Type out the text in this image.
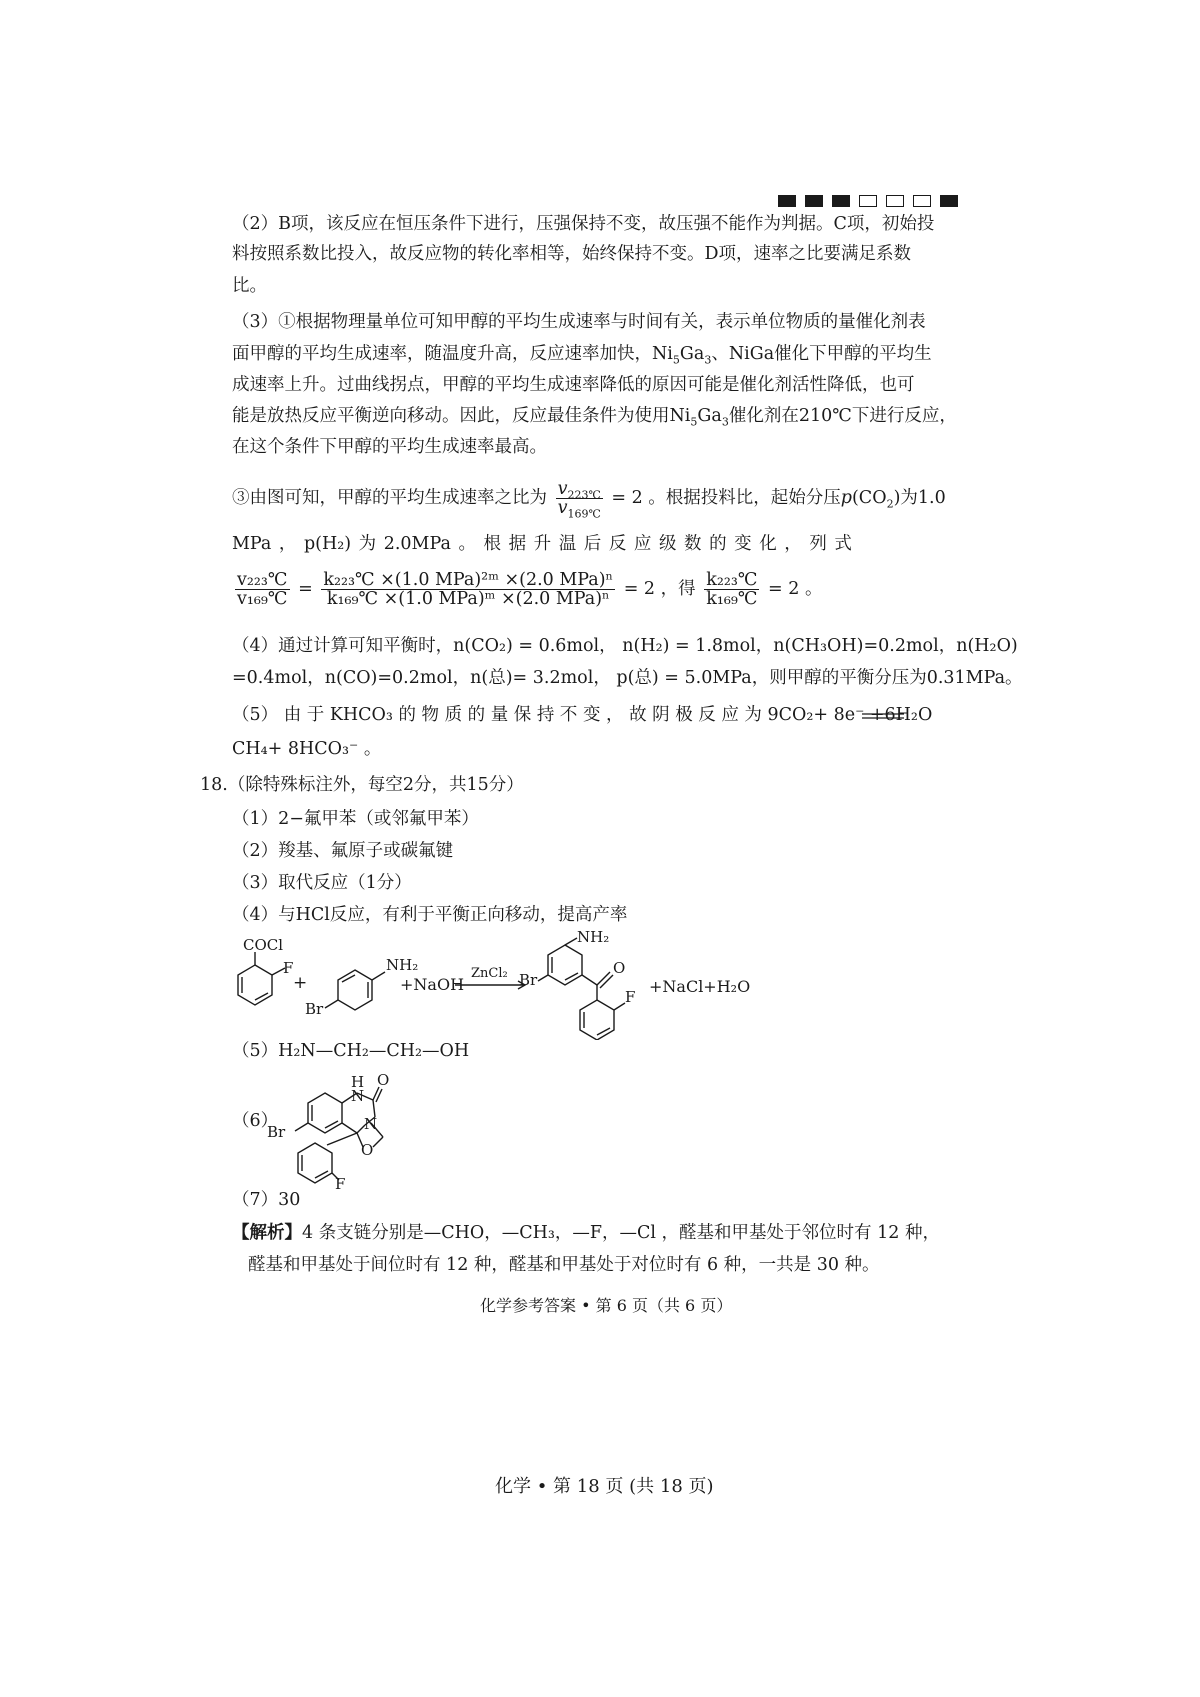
（2）B项，该反应在恒压条件下进行，压强保持不变，故压强不能作为判据。C项，初始投
料按照系数比投入，故反应物的转化率相等，始终保持不变。D项，速率之比要满足系数
比。
（3）①根据物理量单位可知甲醇的平均生成速率与时间有关，表示单位物质的量催化剂表
面甲醇的平均生成速率，随温度升高，反应速率加快，$Ni_5Ga_3$、NiGa催化下甲醇的平均生
成速率上升。过曲线拐点，甲醇的平均生成速率降低的原因可能是催化剂活性降低，也可
能是放热反应平衡逆向移动。因此，反应最佳条件为使用$Ni_5Ga_3$催化剂在210℃下进行反应，
在这个条件下甲醇的平均生成速率最高。
③由图可知，甲醇的平均生成速率之比为 $\frac{v_{223℃}}{v_{169℃}} = 2$ 。根据投料比，起始分压$p(CO_2)$为1.0
MPa ， p(H₂) 为 2.0MPa 。 根 据 升 温 后 反 应 级 数 的 变 化 ， 列 式
$\frac{\text{v₂₂₃℃}}{\text{v₁₆₉℃}} = \frac{\text{k₂₂₃℃ ×(1.0 MPa)²ᵐ ×(2.0 MPa)ⁿ}}{\text{k₁₆₉℃ ×(1.0 MPa)ᵐ ×(2.0 MPa)ⁿ}} = 2$ ，得 $\frac{\text{k₂₂₃℃}}{\text{k₁₆₉℃}} = 2$ 。
（4）通过计算可知平衡时，n(CO₂) = 0.6mol， n(H₂) = 1.8mol，n(CH₃OH)=0.2mol，n(H₂O)
=0.4mol，n(CO)=0.2mol，n(总)= 3.2mol， p(总) = 5.0MPa，则甲醇的平衡分压为0.31MPa。
（5） 由 于 KHCO₃ 的 物 质 的 量 保 持 不 变 ， 故 阴 极 反 应 为 9CO₂+ 8e⁻ +6H₂O
CH₄+ 8HCO₃⁻ 。
18.（除特殊标注外，每空2分，共15分）
（1）2−氟甲苯（或邻氟甲苯）
（2）羧基、氟原子或碳氟键
（3）取代反应（1分）
（4）与HCl反应，有利于平衡正向移动，提高产率
COCl
F
+
NH₂
Br
+NaOH
ZnCl₂ Br
NH₂
O
F
+NaCl+H₂O
（5）H₂N—CH₂—CH₂—OH
（6）
H
N
O
N
O
Br
F
（7）30
【解析】4 条支链分别是—CHO，—CH₃，—F，—Cl ，醛基和甲基处于邻位时有 12 种，
醛基和甲基处于间位时有 12 种，醛基和甲基处于对位时有 6 种，一共是 30 种。
化学参考答案 • 第 6 页（共 6 页）
化学 • 第 18 页 (共 18 页)
